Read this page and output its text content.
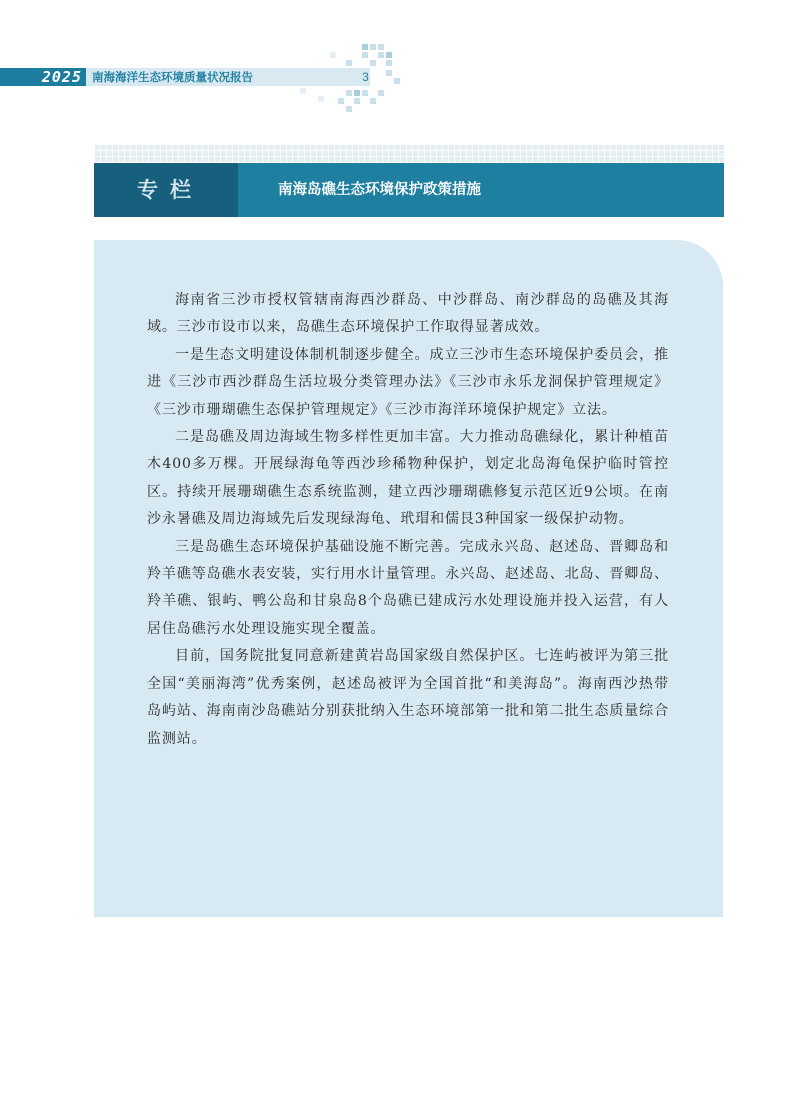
2025 南海海洋生态环境质量状况报告	3
专栏	南海岛礁生态环境保护政策措施

海南省三沙市授权管辖南海西沙群岛、中沙群岛、南沙群岛的岛礁及其海域。三沙市设市以来，岛礁生态环境保护工作取得显著成效。

一是生态文明建设体制机制逐步健全。成立三沙市生态环境保护委员会，推进《三沙市西沙群岛生活垃圾分类管理办法》《三沙市永乐龙洞保护管理规定》《三沙市珊瑚礁生态保护管理规定》《三沙市海洋环境保护规定》立法。

二是岛礁及周边海域生物多样性更加丰富。大力推动岛礁绿化，累计种植苗木400多万棵。开展绿海龟等西沙珍稀物种保护，划定北岛海龟保护临时管控区。持续开展珊瑚礁生态系统监测，建立西沙珊瑚礁修复示范区近9公顷。在南沙永暑礁及周边海域先后发现绿海龟、玳瑁和儒艮3种国家一级保护动物。

三是岛礁生态环境保护基础设施不断完善。完成永兴岛、赵述岛、晋卿岛和羚羊礁等岛礁水表安装，实行用水计量管理。永兴岛、赵述岛、北岛、晋卿岛、羚羊礁、银屿、鸭公岛和甘泉岛8个岛礁已建成污水处理设施并投入运营，有人居住岛礁污水处理设施实现全覆盖。

目前，国务院批复同意新建黄岩岛国家级自然保护区。七连屿被评为第三批全国“美丽海湾”优秀案例，赵述岛被评为全国首批“和美海岛”。海南西沙热带岛屿站、海南南沙岛礁站分别获批纳入生态环境部第一批和第二批生态质量综合监测站。
